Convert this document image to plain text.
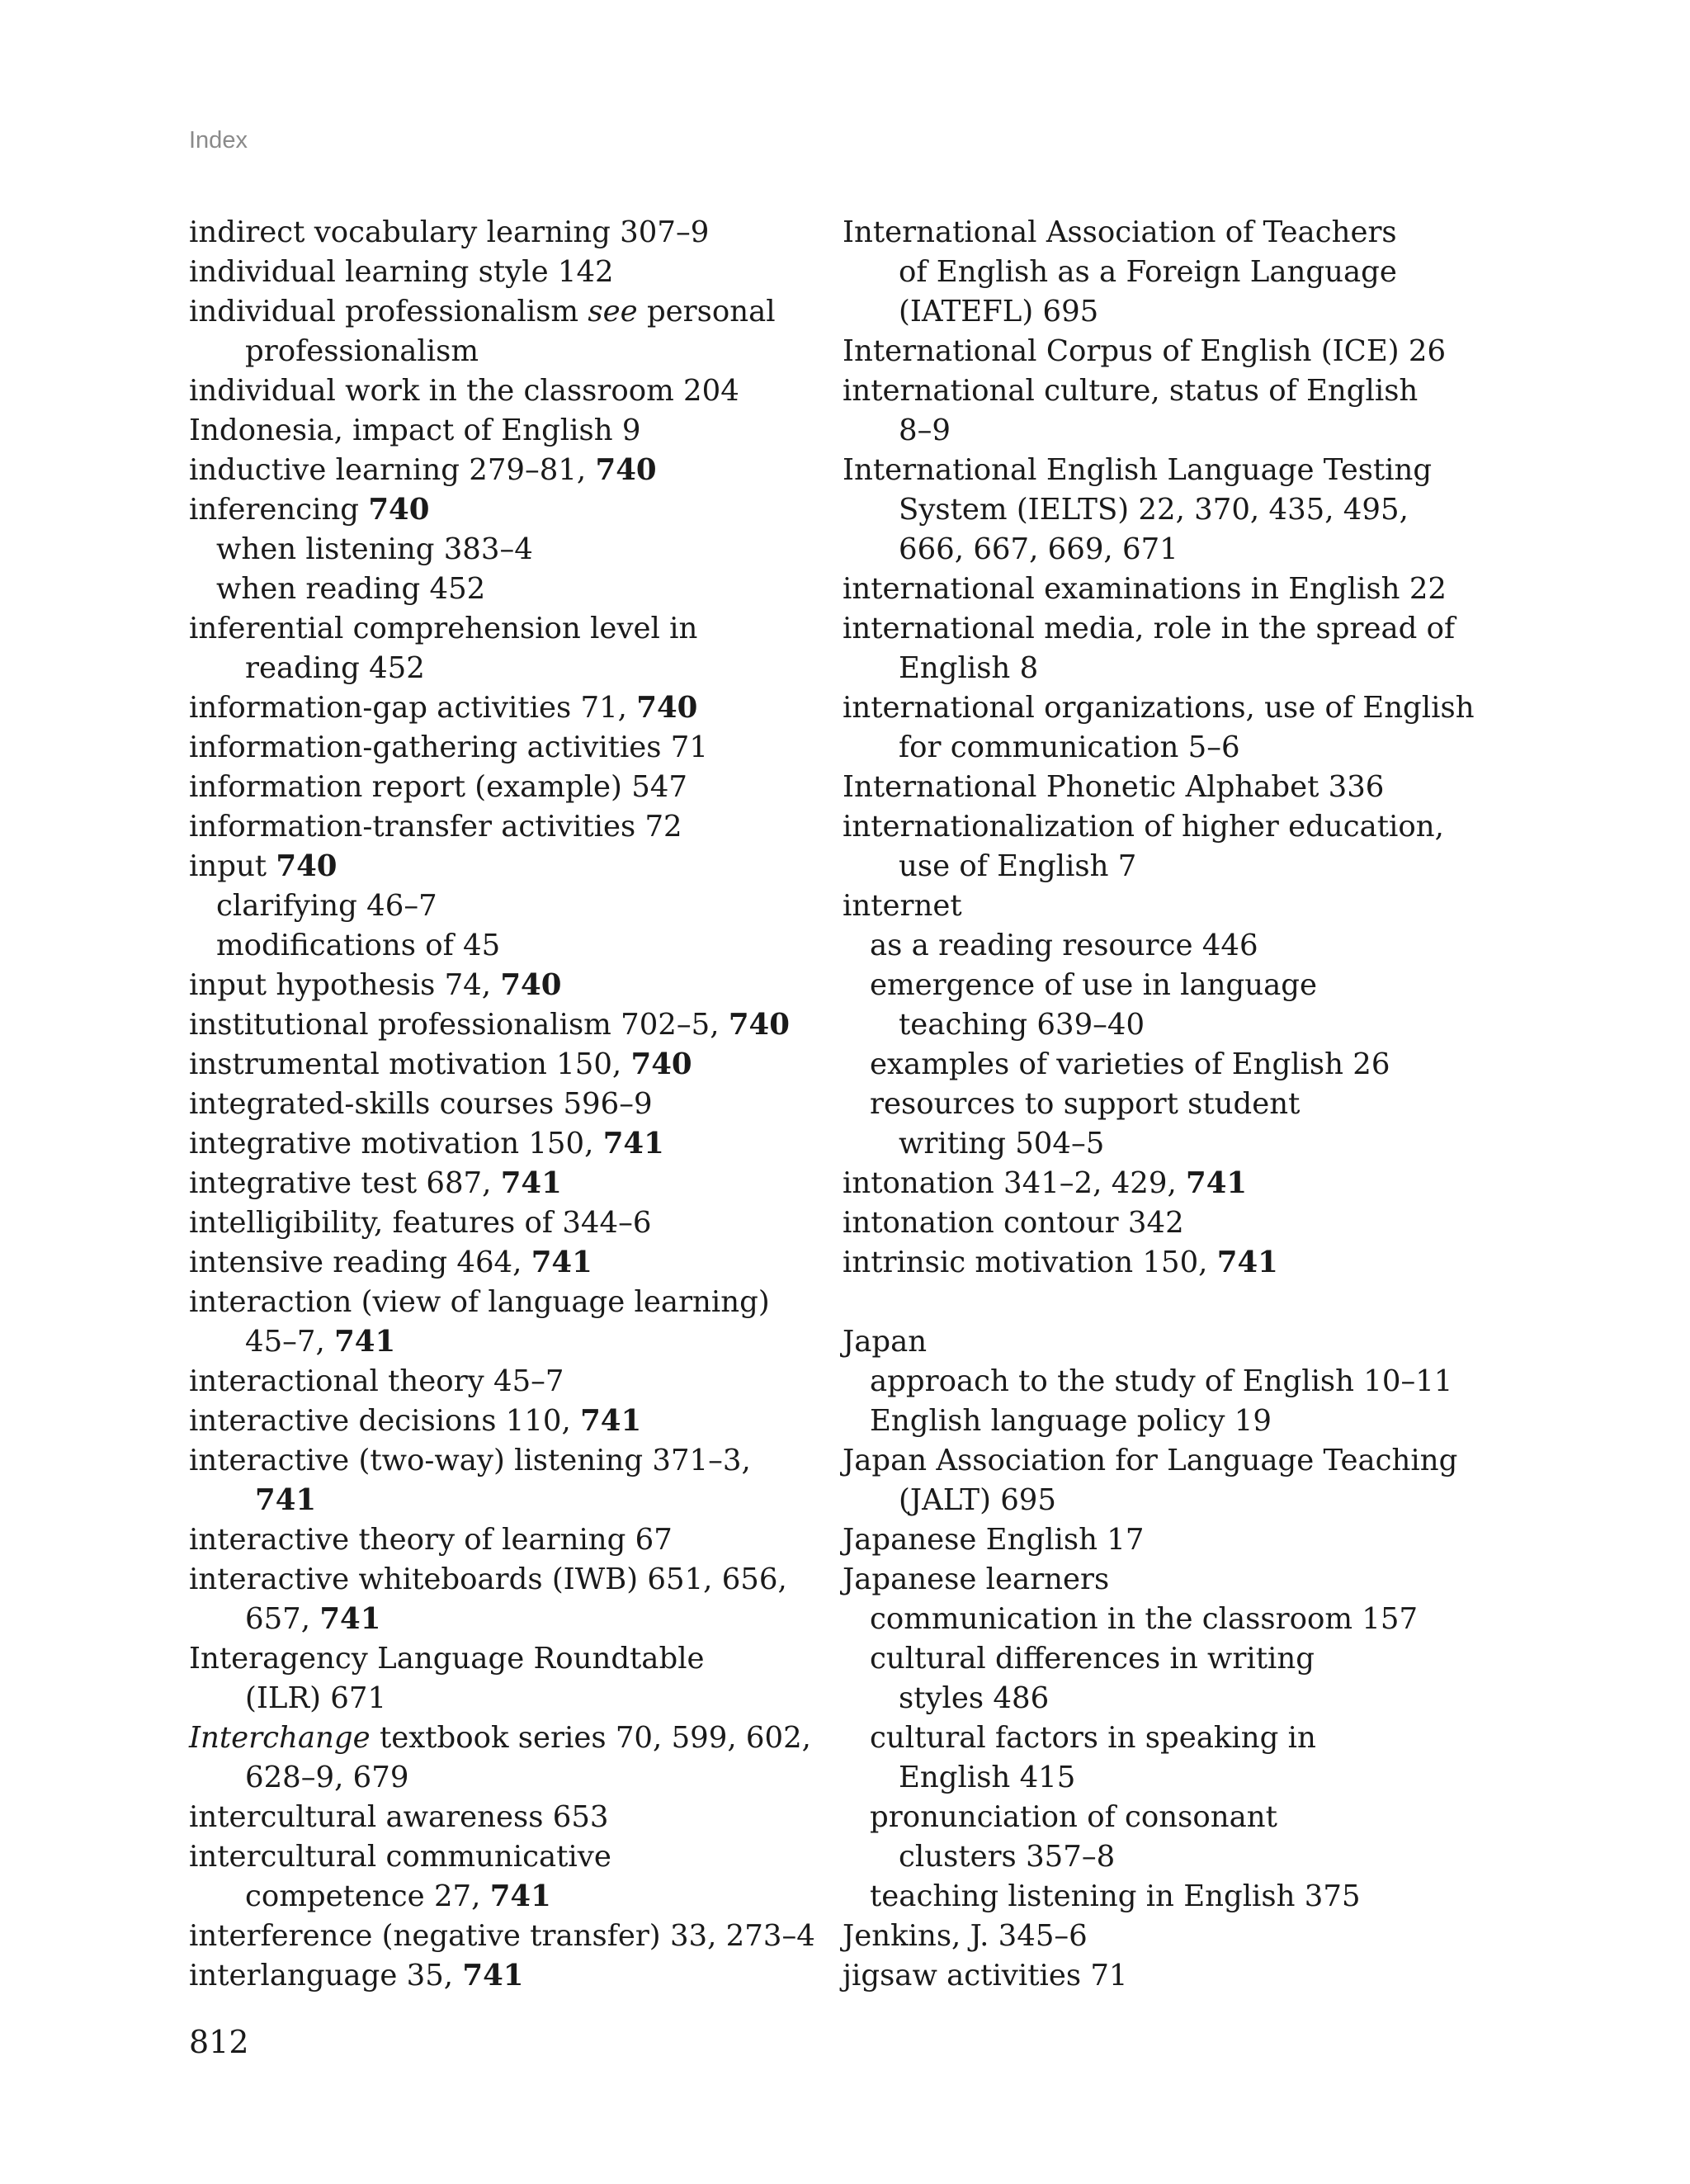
Index
indirect vocabulary learning 307–9
individual learning style 142
individual professionalism see personal
professionalism
individual work in the classroom 204
Indonesia, impact of English 9
inductive learning 279–81, 740
inferencing 740
when listening 383–4
when reading 452
inferential comprehension level in
reading 452
information-gap activities 71, 740
information-gathering activities 71
information report (example) 547
information-transfer activities 72
input 740
clarifying 46–7
modifications of 45
input hypothesis 74, 740
institutional professionalism 702–5, 740
instrumental motivation 150, 740
integrated-skills courses 596–9
integrative motivation 150, 741
integrative test 687, 741
intelligibility, features of 344–6
intensive reading 464, 741
interaction (view of language learning)
45–7, 741
interactional theory 45–7
interactive decisions 110, 741
interactive (two-way) listening 371–3,
741
interactive theory of learning 67
interactive whiteboards (IWB) 651, 656,
657, 741
Interagency Language Roundtable
(ILR) 671
Interchange textbook series 70, 599, 602,
628–9, 679
intercultural awareness 653
intercultural communicative
competence 27, 741
interference (negative transfer) 33, 273–4
interlanguage 35, 741
International Association of Teachers
of English as a Foreign Language
(IATEFL) 695
International Corpus of English (ICE) 26
international culture, status of English
8–9
International English Language Testing
System (IELTS) 22, 370, 435, 495,
666, 667, 669, 671
international examinations in English 22
international media, role in the spread of
English 8
international organizations, use of English
for communication 5–6
International Phonetic Alphabet 336
internationalization of higher education,
use of English 7
internet
as a reading resource 446
emergence of use in language
teaching 639–40
examples of varieties of English 26
resources to support student
writing 504–5
intonation 341–2, 429, 741
intonation contour 342
intrinsic motivation 150, 741
Japan
approach to the study of English 10–11
English language policy 19
Japan Association for Language Teaching
(JALT) 695
Japanese English 17
Japanese learners
communication in the classroom 157
cultural differences in writing
styles 486
cultural factors in speaking in
English 415
pronunciation of consonant
clusters 357–8
teaching listening in English 375
Jenkins, J. 345–6
jigsaw activities 71
812
